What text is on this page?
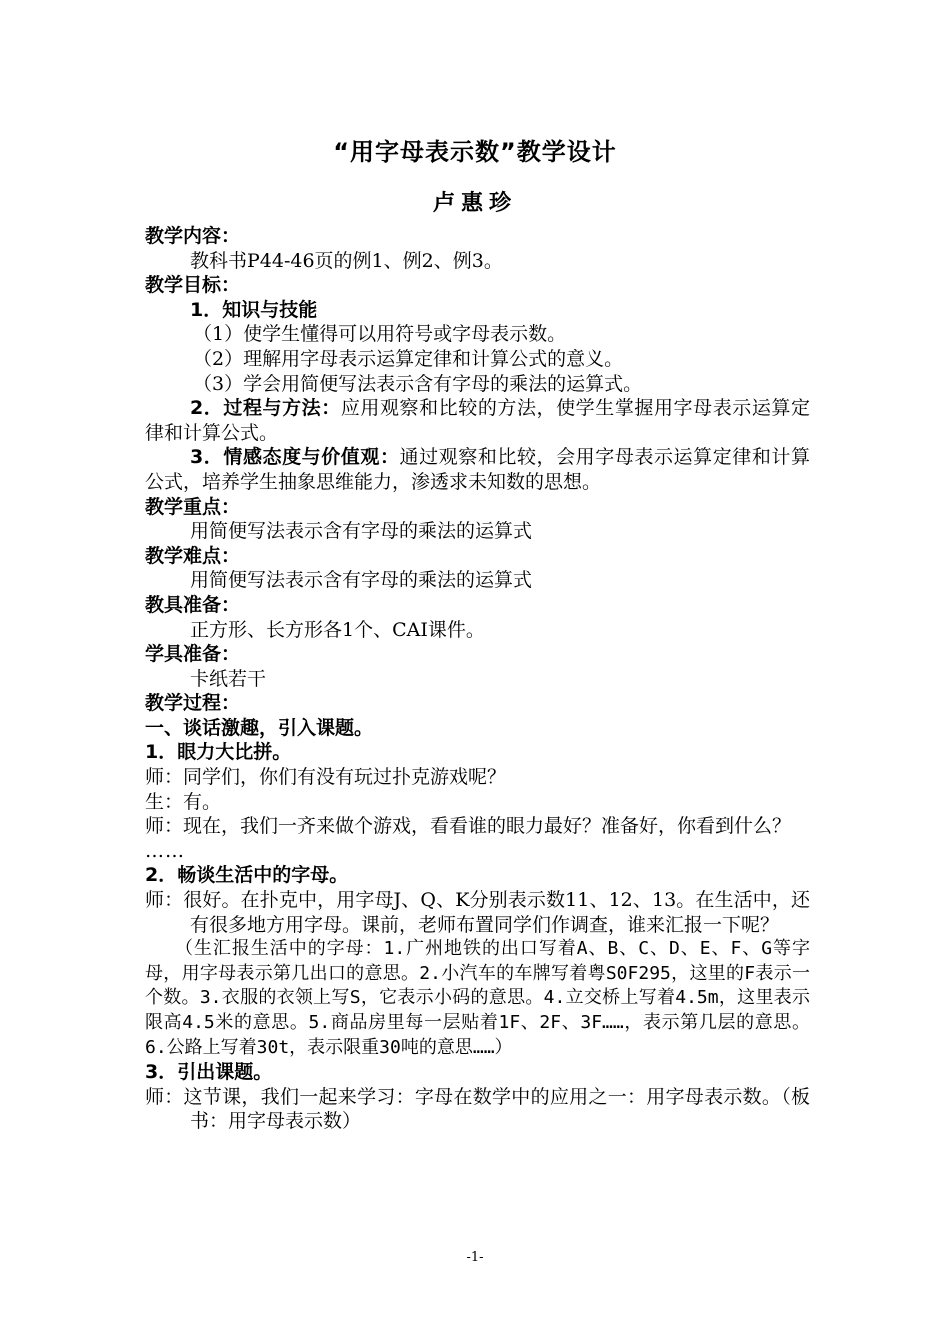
“用字母表示数”教学设计
卢惠珍
教学内容：
教科书P44-46页的例1、例2、例3。
教学目标：
1．知识与技能
（1）使学生懂得可以用符号或字母表示数。
（2）理解用字母表示运算定律和计算公式的意义。
（3）学会用简便写法表示含有字母的乘法的运算式。
2．过程与方法：应用观察和比较的方法，使学生掌握用字母表示运算定律和计算公式。
3．情感态度与价值观：通过观察和比较，会用字母表示运算定律和计算公式，培养学生抽象思维能力，渗透求未知数的思想。
教学重点：
用简便写法表示含有字母的乘法的运算式
教学难点：
用简便写法表示含有字母的乘法的运算式
教具准备：
正方形、长方形各1个、CAI课件。
学具准备：
卡纸若干
教学过程：
一、谈话激趣，引入课题。
1．眼力大比拼。
师：同学们，你们有没有玩过扑克游戏呢？
生：有。
师：现在，我们一齐来做个游戏，看看谁的眼力最好？准备好，你看到什么？
……
2．畅谈生活中的字母。
师：很好。在扑克中，用字母J、Q、K分别表示数11、12、13。在生活中，还有很多地方用字母。课前，老师布置同学们作调查，谁来汇报一下呢？
（生汇报生活中的字母：1.广州地铁的出口写着A、B、C、D、E、F、G等字母，用字母表示第几出口的意思。2.小汽车的车牌写着粤S0F295，这里的F表示一个数。3.衣服的衣领上写S，它表示小码的意思。4.立交桥上写着4.5m，这里表示限高4.5米的意思。5.商品房里每一层贴着1F、2F、3F……，表示第几层的意思。6.公路上写着30t，表示限重30吨的意思……）
3．引出课题。
师：这节课，我们一起来学习：字母在数学中的应用之一：用字母表示数。（板书：用字母表示数）
-1-
